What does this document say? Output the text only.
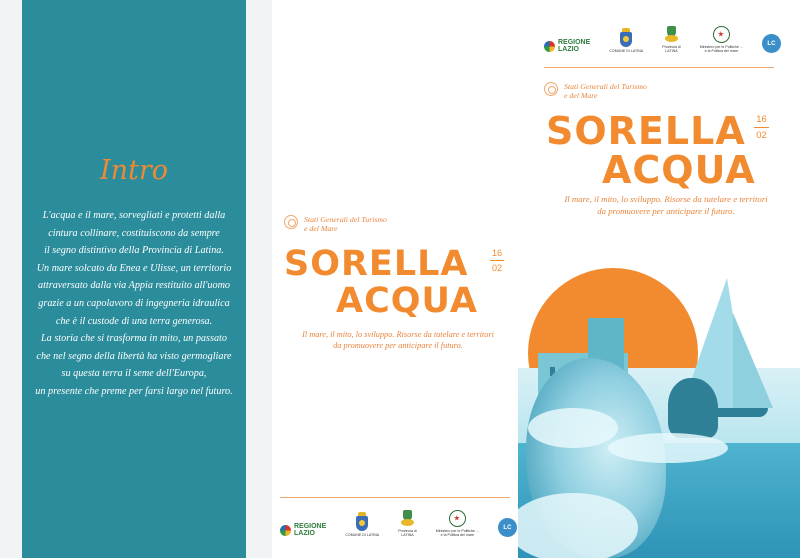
Intro

L'acqua e il mare, sorvegliati e protetti dalla

cintura collinare, costituiscono da sempre

il segno distintivo della Provincia di Latina.

Un mare solcato da Enea e Ulisse, un territorio

attraversato dalla via Appia restituito all'uomo

grazie a un capolavoro di ingegneria idraulica

che è il custode di una terra generosa.

La storia che si trasforma in mito, un passato

che nel segno della libertà ha visto germogliare

su questa terra il seme dell'Europa,

un presente che preme per farsi largo nel futuro.

Stati Generali del Turismo
e del Mare
SORELLA
ACQUA
16
02
Il mare, il mito, lo sviluppo. Risorse da tutelare e territori
da promuovere per anticipare il futuro.
REGIONE
LAZIO	COMUNE DI LATINA
Provincia di
LATINA
Ministero per le Politiche ...
e la Politica del mare
LC
REGIONE
LAZIO	COMUNE DI LATINA
Provincia di
LATINA
Ministero per le Politiche ...
e la Politica del mare
LC
Stati Generali del Turismo
e del Mare
SORELLA
ACQUA
16
02
Il mare, il mito, lo sviluppo. Risorse da tutelare e territori
da promuovere per anticipare il futuro.
